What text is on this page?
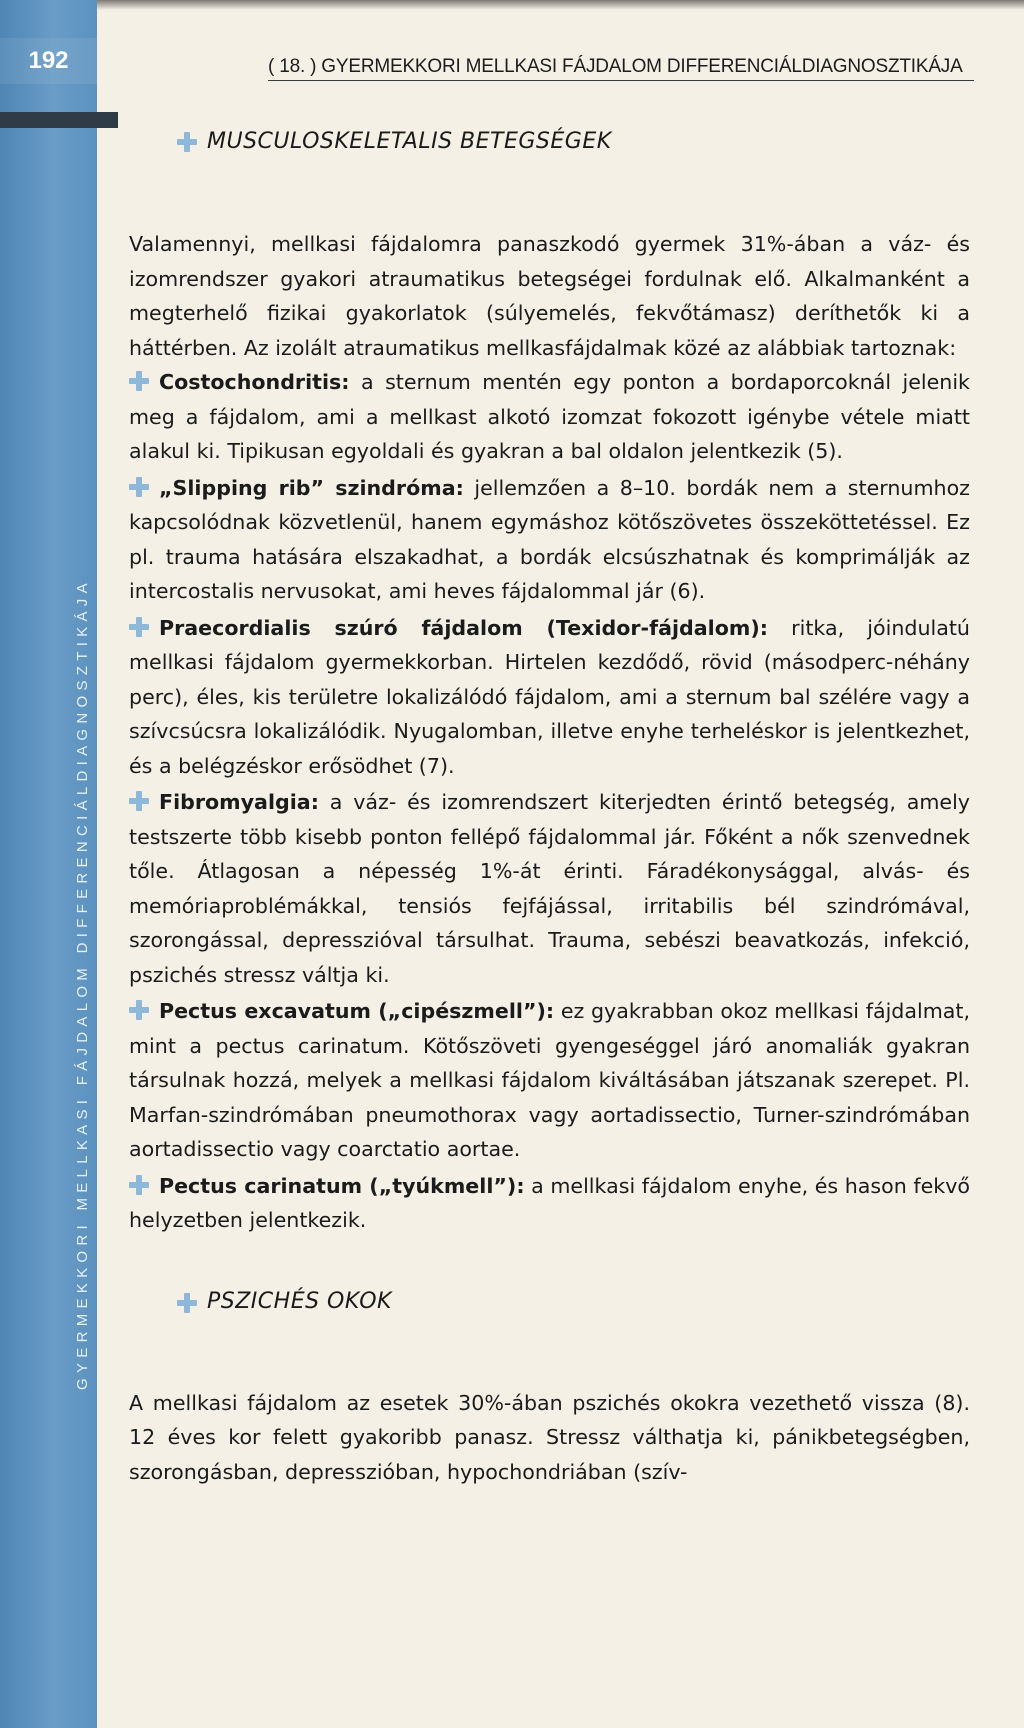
192
GYERMEKKORI MELLKASI FÁJDALOM DIFFERENCIÁLDIAGNOSZTIKÁJA
( 18. ) GYERMEKKORI MELLKASI FÁJDALOM DIFFERENCIÁLDIAGNOSZTIKÁJA
MUSCULOSKELETALIS BETEGSÉGEK

Valamennyi, mellkasi fájdalomra panaszkodó gyermek 31%-ában a váz- és izomrendszer gyakori atraumatikus betegségei fordulnak elő. Alkalmanként a megterhelő fizikai gyakorlatok (súlyemelés, fekvőtámasz) deríthetők ki a háttérben. Az izolált atraumatikus mellkasfájdalmak közé az alábbiak tartoznak:

Costochondritis: a sternum mentén egy ponton a bordaporcoknál jelenik meg a fájdalom, ami a mellkast alkotó izomzat fokozott igénybe vétele miatt alakul ki. Tipikusan egyoldali és gyakran a bal oldalon jelentkezik (5).

„Slipping rib” szindróma: jellemzően a 8–10. bordák nem a sternumhoz kapcsolódnak közvetlenül, hanem egymáshoz kötőszövetes összeköttetéssel. Ez pl. trauma hatására elszakadhat, a bordák elcsúszhatnak és komprimálják az intercostalis nervusokat, ami heves fájdalommal jár (6).

Praecordialis szúró fájdalom (Texidor-fájdalom): ritka, jóindulatú mellkasi fájdalom gyermekkorban. Hirtelen kezdődő, rövid (másodperc-néhány perc), éles, kis területre lokalizálódó fájdalom, ami a sternum bal szélére vagy a szívcsúcsra lokalizálódik. Nyugalomban, illetve enyhe terheléskor is jelentkezhet, és a belégzéskor erősödhet (7).

Fibromyalgia: a váz- és izomrendszert kiterjedten érintő betegség, amely testszerte több kisebb ponton fellépő fájdalommal jár. Főként a nők szenvednek tőle. Átlagosan a népesség 1%-át érinti. Fáradékonysággal, alvás- és memóriaproblémákkal, tensiós fejfájással, irritabilis bél szindrómával, szorongással, depresszióval társulhat. Trauma, sebészi beavatkozás, infekció, pszichés stressz váltja ki.

Pectus excavatum („cipészmell”): ez gyakrabban okoz mellkasi fájdalmat, mint a pectus carinatum. Kötőszöveti gyengeséggel járó anomaliák gyakran társulnak hozzá, melyek a mellkasi fájdalom kiváltásában játszanak szerepet. Pl. Marfan-szindrómában pneumothorax vagy aortadissectio, Turner-szindrómában aortadissectio vagy coarctatio aortae.

Pectus carinatum („tyúkmell”): a mellkasi fájdalom enyhe, és hason fekvő helyzetben jelentkezik.

PSZICHÉS OKOK

A mellkasi fájdalom az esetek 30%-ában pszichés okokra vezethető vissza (8). 12 éves kor felett gyakoribb panasz. Stressz válthatja ki, pánikbetegségben, szorongásban, depresszióban, hypochondriában (szív-
